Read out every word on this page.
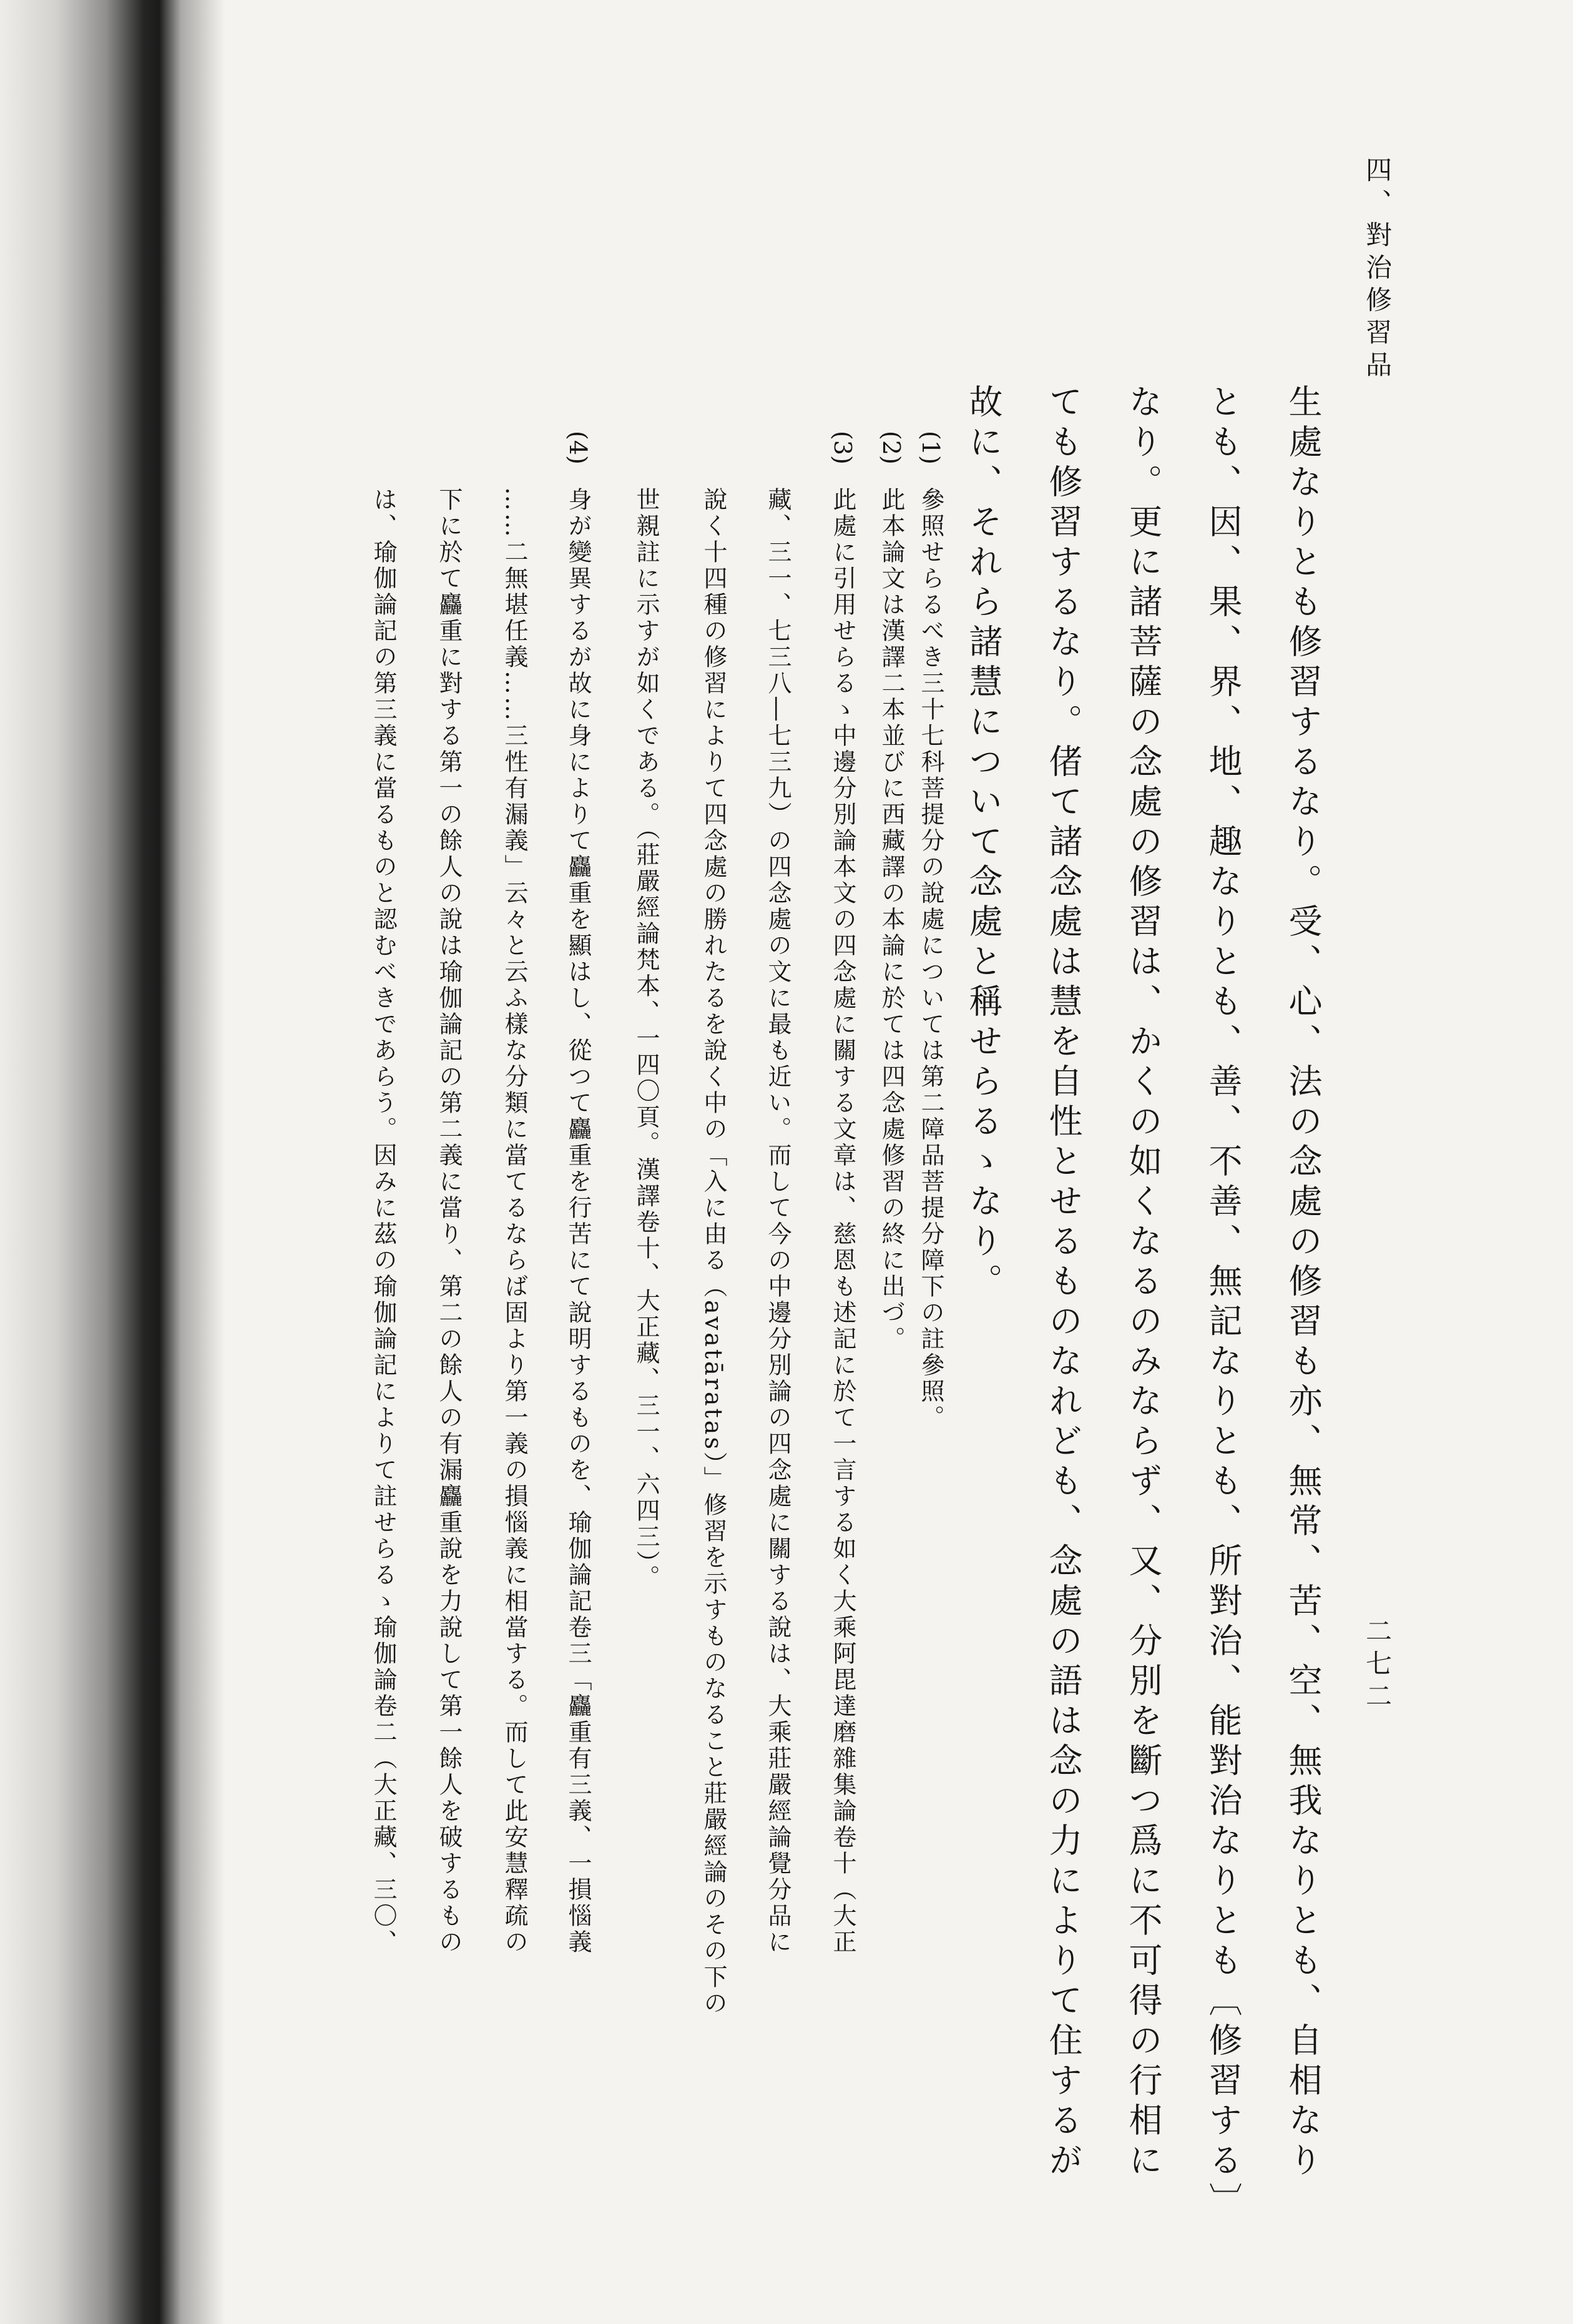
四、對治修習品
二七二
生處なりとも修習するなり。受、心、法の念處の修習も亦、無常、苦、空、無我なりとも、自相なり
とも、因、果、界、地、趣なりとも、善、不善、無記なりとも、所對治、能對治なりとも〔修習する〕
なり。更に諸菩薩の念處の修習は、かくの如くなるのみならず、又、分別を斷つ爲に不可得の行相に
ても修習するなり。偖て諸念處は慧を自性とせるものなれども、念處の語は念の力によりて住するが
故に、それら諸慧について念處と稱せらるゝなり。
(1)
(2)
(3)
(4)
參照せらるべき三十七科菩提分の說處については第二障品菩提分障下の註參照。
此本論文は漢譯二本並びに西藏譯の本論に於ては四念處修習の終に出づ。
此處に引用せらるゝ中邊分別論本文の四念處に關する文章は、慈恩も述記に於て一言する如く大乘阿毘達磨雜集論卷十（大正
藏、三一、七三八―七三九）の四念處の文に最も近い。而して今の中邊分別論の四念處に關する說は、大乘莊嚴經論覺分品に
說く十四種の修習によりて四念處の勝れたるを說く中の「入に由る（avatāratas）」修習を示すものなること莊嚴經論のその下の
世親註に示すが如くである。（莊嚴經論梵本、一四〇頁。漢譯卷十、大正藏、三一、六四三）。
身が變異するが故に身によりて麤重を顯はし、從つて麤重を行苦にて說明するものを、瑜伽論記卷三「麤重有三義、一損惱義
……二無堪任義……三性有漏義」云々と云ふ樣な分類に當てるならば固より第一義の損惱義に相當する。而して此安慧釋疏の
下に於て麤重に對する第一の餘人の說は瑜伽論記の第二義に當り、第二の餘人の有漏麤重說を力說して第一餘人を破するもの
は、瑜伽論記の第三義に當るものと認むべきであらう。因みに茲の瑜伽論記によりて註せらるゝ瑜伽論卷二（大正藏、三〇、
